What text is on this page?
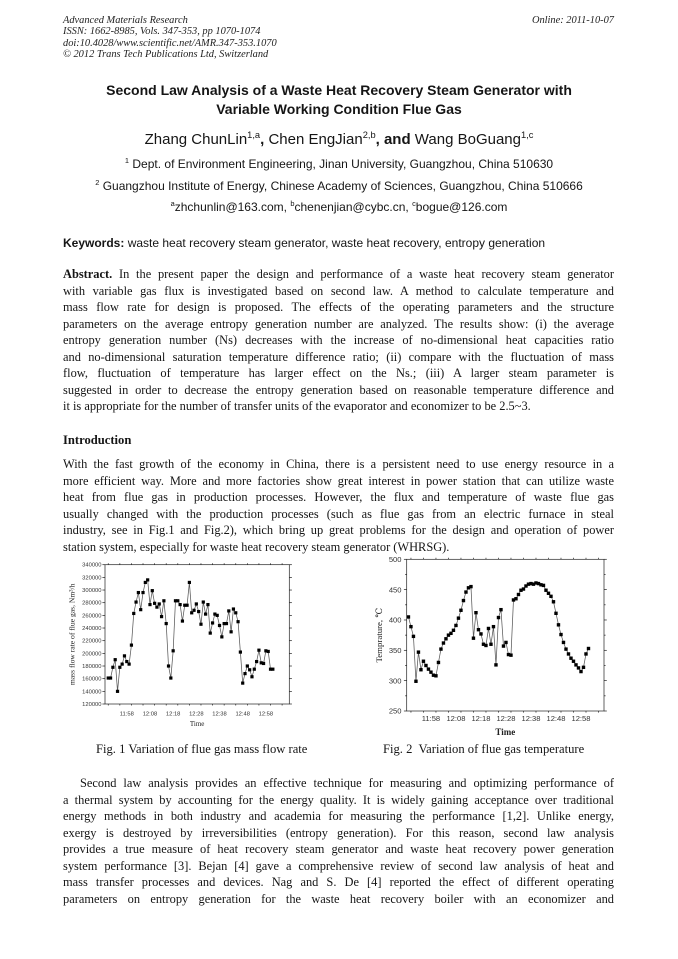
Advanced Materials Research
ISSN: 1662-8985, Vols. 347-353, pp 1070-1074
doi:10.4028/www.scientific.net/AMR.347-353.1070
© 2012 Trans Tech Publications Ltd, Switzerland
Online: 2011-10-07
Second Law Analysis of a Waste Heat Recovery Steam Generator with
Variable Working Condition Flue Gas
Zhang ChunLin$^{1,a}$, Chen EngJian$^{2,b}$, and Wang BoGuang$^{1,c}$
$^1$ Dept. of Environment Engineering, Jinan University, Guangzhou, China 510630
$^2$ Guangzhou Institute of Energy, Chinese Academy of Sciences, Guangzhou, China 510666
$^a$zhchunlin@163.com, $^b$chenenjian@cybc.cn, $^c$bogue@126.com
Keywords: waste heat recovery steam generator, waste heat recovery, entropy generation
Abstract. In the present paper the design and performance of a waste heat recovery steam generator
with variable gas flux is investigated based on second law. A method to calculate temperature and
mass flow rate for design is proposed. The effects of the operating parameters and the structure
parameters on the average entropy generation number are analyzed. The results show: (i) the average
entropy generation number (Ns) decreases with the increase of no-dimensional heat capacities ratio
and no-dimensional saturation temperature difference ratio; (ii) compare with the fluctuation of mass
flow, fluctuation of temperature has larger effect on the Ns.; (iii) A larger steam parameter is
suggested in order to decrease the entropy generation based on reasonable temperature difference and
it is appropriate for the number of transfer units of the evaporator and economizer to be 2.5~3.
Introduction
With the fast growth of the economy in China, there is a persistent need to use energy resource in a
more efficient way. More and more factories show great interest in power station that can utilize waste
heat from flue gas in production processes. However, the flux and temperature of waste flue gas
usually changed with the production processes (such as flue gas from an electric furnace in steal
industry, see in Fig.1 and Fig.2), which bring up great problems for the design and operation of power
station system, especially for waste heat recovery steam generator (WHRSG).
120000
140000
160000
180000
200000
220000
240000
260000
280000
300000
320000
340000
11:58 12:08 12:18 12:28 12:38 12:48 12:58
Time
mass flow rate of flue gas, Nm³/h
250
300
350
400
450
500
11:58 12:08 12:18 12:28 12:38 12:48 12:58
Time
Temprature, ℃
Fig. 1 Variation of flue gas mass flow rate	Fig. 2  Variation of flue gas temperature
Second law analysis provides an effective technique for measuring and optimizing performance of
a thermal system by accounting for the energy quality. It is widely gaining acceptance over traditional
energy methods in both industry and academia for measuring the performance [1,2]. Unlike energy,
exergy is destroyed by irreversibilities (entropy generation). For this reason, second law analysis
provides a true measure of heat recovery steam generator and waste heat recovery power generation
system performance [3]. Bejan [4] gave a comprehensive review of second law analysis of heat and
mass transfer processes and devices. Nag and S. De [4] reported the effect of different operating
parameters on entropy generation for the waste heat recovery boiler with an economizer and
